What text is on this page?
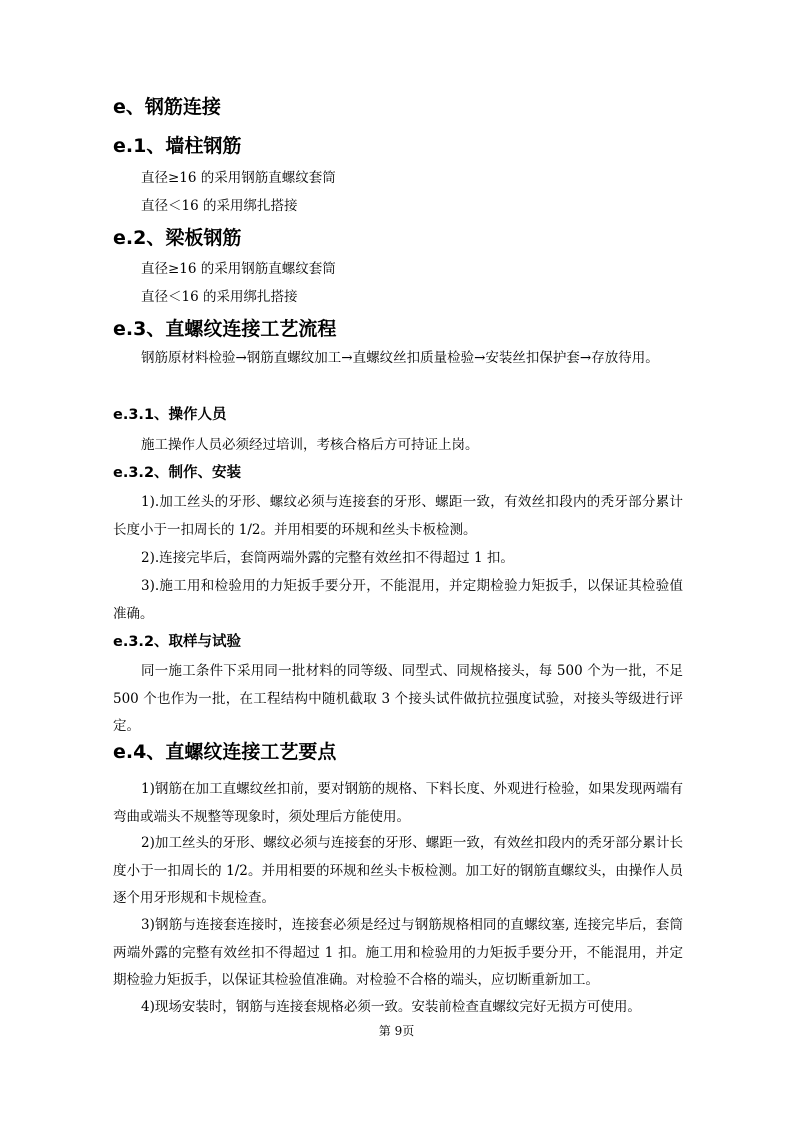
e、钢筋连接
e.1、墙柱钢筋
直径≥16 的采用钢筋直螺纹套筒
直径＜16 的采用绑扎搭接
e.2、梁板钢筋
直径≥16 的采用钢筋直螺纹套筒
直径＜16 的采用绑扎搭接
e.3、直螺纹连接工艺流程

钢筋原材料检验→钢筋直螺纹加工→直螺纹丝扣质量检验→安装丝扣保护套→存放待用。

e.3.1、操作人员

施工操作人员必须经过培训，考核合格后方可持证上岗。

e.3.2、制作、安装

1).加工丝头的牙形、螺纹必须与连接套的牙形、螺距一致，有效丝扣段内的秃牙部分累计长度小于一扣周长的 1/2。并用相要的环规和丝头卡板检测。

2).连接完毕后，套筒两端外露的完整有效丝扣不得超过 1 扣。

3).施工用和检验用的力矩扳手要分开，不能混用，并定期检验力矩扳手，以保证其检验值准确。

e.3.2、取样与试验

同一施工条件下采用同一批材料的同等级、同型式、同规格接头，每 500 个为一批，不足 500 个也作为一批，在工程结构中随机截取 3 个接头试件做抗拉强度试验，对接头等级进行评定。

e.4、直螺纹连接工艺要点

1)钢筋在加工直螺纹丝扣前，要对钢筋的规格、下料长度、外观进行检验，如果发现两端有弯曲或端头不规整等现象时，须处理后方能使用。

2)加工丝头的牙形、螺纹必须与连接套的牙形、螺距一致，有效丝扣段内的秃牙部分累计长度小于一扣周长的 1/2。并用相要的环规和丝头卡板检测。加工好的钢筋直螺纹头，由操作人员逐个用牙形规和卡规检查。

3)钢筋与连接套连接时，连接套必须是经过与钢筋规格相同的直螺纹塞, 连接完毕后，套筒两端外露的完整有效丝扣不得超过 1 扣。施工用和检验用的力矩扳手要分开，不能混用，并定期检验力矩扳手，以保证其检验值准确。对检验不合格的端头，应切断重新加工。

4)现场安装时，钢筋与连接套规格必须一致。安装前检查直螺纹完好无损方可使用。

第 9页
